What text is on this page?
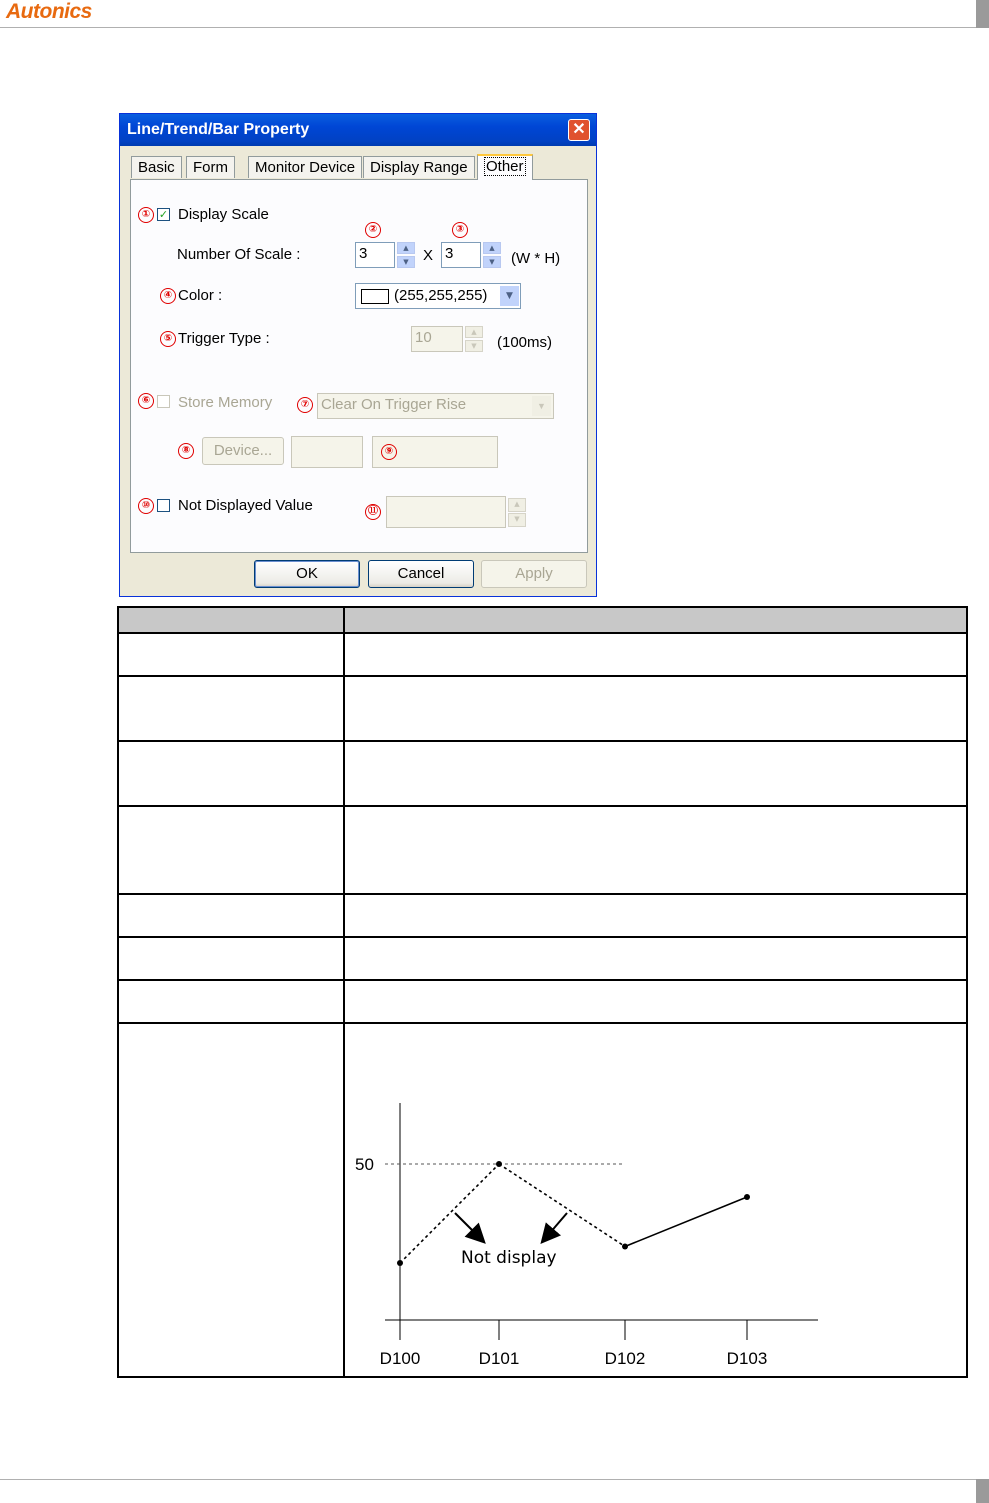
Autonics
Line/Trend/Bar Property	✕
Basic	Form	Monitor Device Display Range	Other
① ✓ Display Scale
②	③
Number Of Scale :	3	▲
▼ X 3	▲
▼	(W * H)
④ Color :	(255,255,255)	▼
⑤ Trigger Type :	10	▲
▼	(100ms)
⑥ Store Memory	⑦ Clear On Trigger Rise	▼
⑧	Device...	⑨
⑩ Not Displayed Value	⑪
▲
▼
OK	Cancel	Apply

50
D100	D101	D102	D103
Not display
